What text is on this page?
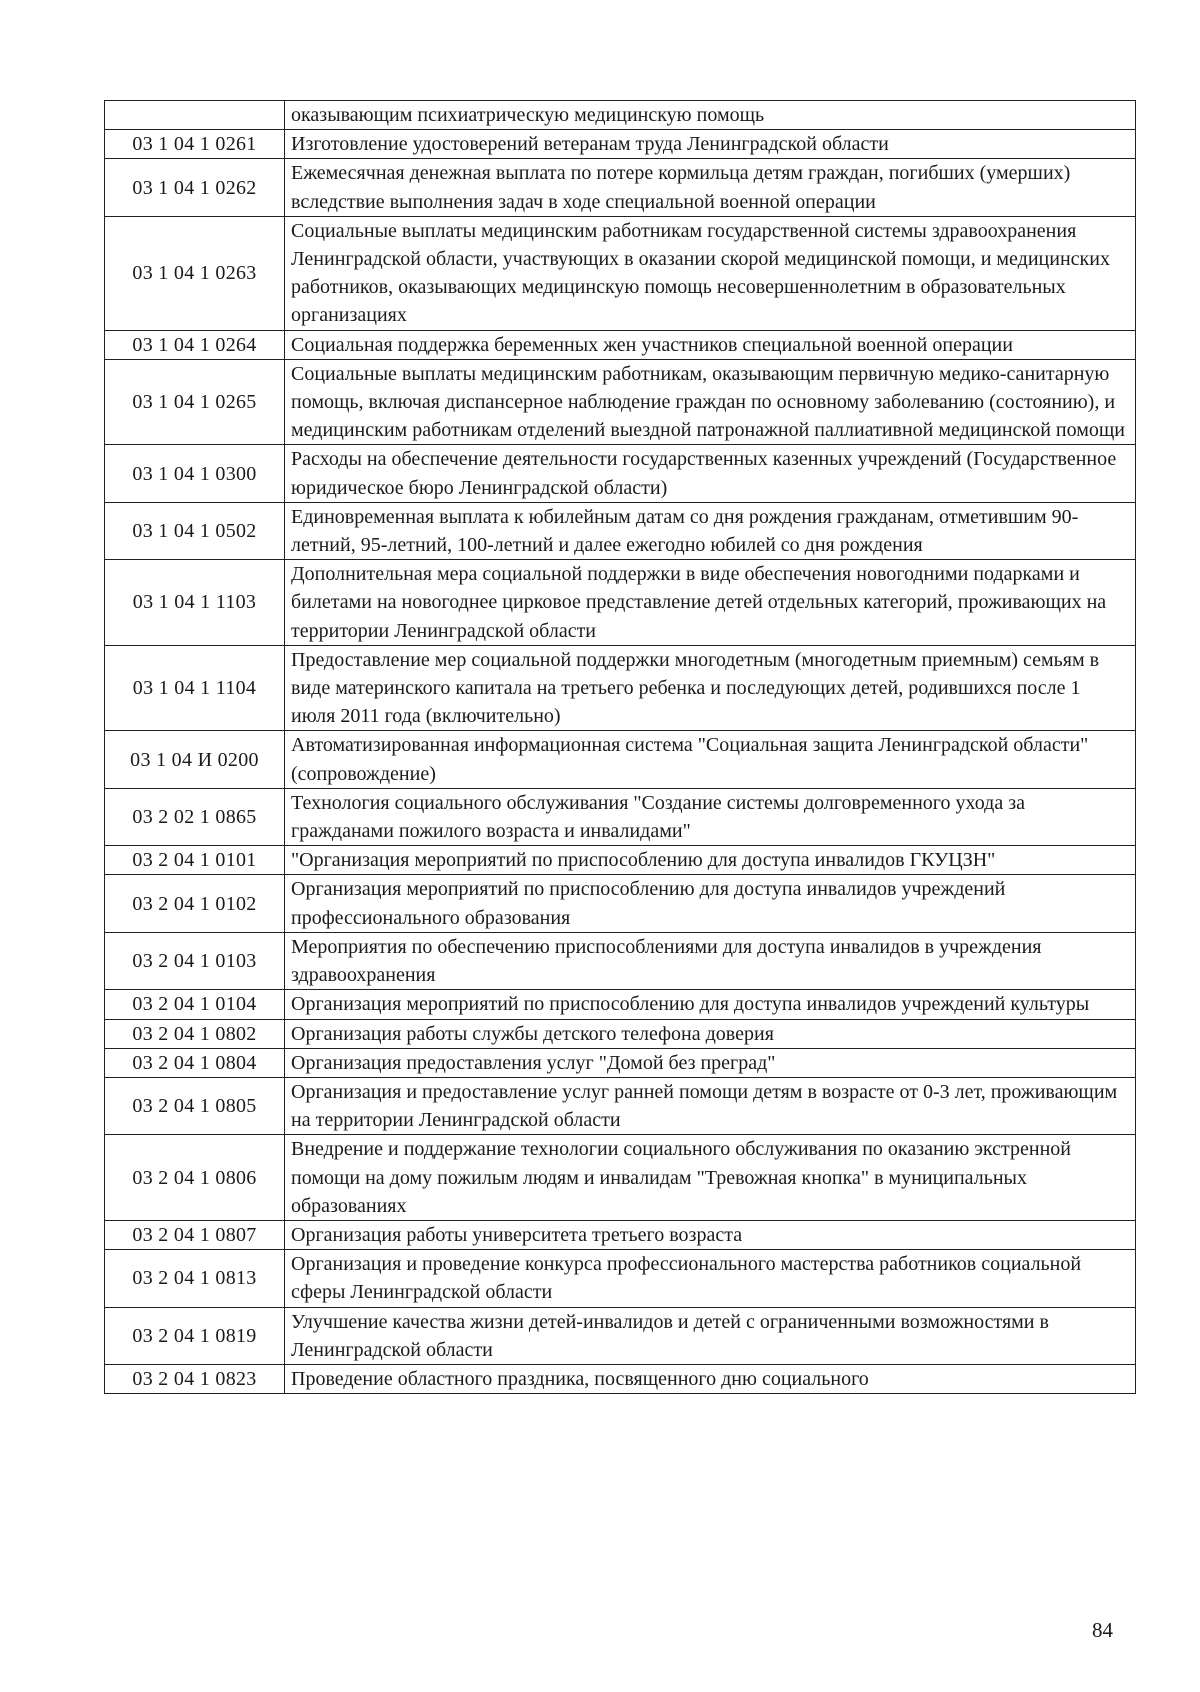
	оказывающим психиатрическую медицинскую помощь
03 1 04 1 0261	Изготовление удостоверений ветеранам труда Ленинградской области
03 1 04 1 0262	Ежемесячная денежная выплата по потере кормильца детям граждан, погибших (умерших) вследствие выполнения задач в ходе специальной военной операции
03 1 04 1 0263	Социальные выплаты медицинским работникам государственной системы здравоохранения Ленинградской области, участвующих в оказании скорой медицинской помощи, и медицинских работников, оказывающих медицинскую помощь несовершеннолетним в образовательных организациях
03 1 04 1 0264	Социальная поддержка беременных жен участников специальной военной операции
03 1 04 1 0265	Социальные выплаты медицинским работникам, оказывающим первичную медико-санитарную помощь, включая диспансерное наблюдение граждан по основному заболеванию (состоянию), и медицинским работникам отделений выездной патронажной паллиативной медицинской помощи
03 1 04 1 0300	Расходы на обеспечение деятельности государственных казенных учреждений (Государственное юридическое бюро Ленинградской области)
03 1 04 1 0502	Единовременная выплата к юбилейным датам со дня рождения гражданам, отметившим 90-летний, 95-летний, 100-летний и далее ежегодно юбилей со дня рождения
03 1 04 1 1103	Дополнительная мера социальной поддержки в виде обеспечения новогодними подарками и билетами на новогоднее цирковое представление детей отдельных категорий, проживающих на территории Ленинградской области
03 1 04 1 1104	Предоставление мер социальной поддержки многодетным (многодетным приемным) семьям в виде материнского капитала на третьего ребенка и последующих детей, родившихся после 1 июля 2011 года (включительно)
03 1 04 И 0200	Автоматизированная информационная система "Социальная защита Ленинградской области" (сопровождение)
03 2 02 1 0865	Технология социального обслуживания "Создание системы долговременного ухода за гражданами пожилого возраста и инвалидами"
03 2 04 1 0101	"Организация мероприятий по приспособлению для доступа инвалидов ГКУЦЗН"
03 2 04 1 0102	Организация мероприятий по приспособлению для доступа инвалидов учреждений профессионального образования
03 2 04 1 0103	Мероприятия по обеспечению приспособлениями для доступа инвалидов в учреждения здравоохранения
03 2 04 1 0104	Организация мероприятий по приспособлению для доступа инвалидов учреждений культуры
03 2 04 1 0802	Организация работы службы детского телефона доверия
03 2 04 1 0804	Организация предоставления услуг "Домой без преград"
03 2 04 1 0805	Организация и предоставление услуг ранней помощи детям в возрасте от 0-3 лет, проживающим на территории Ленинградской области
03 2 04 1 0806	Внедрение и поддержание технологии социального обслуживания по оказанию экстренной помощи на дому пожилым людям и инвалидам "Тревожная кнопка" в муниципальных образованиях
03 2 04 1 0807	Организация работы университета третьего возраста
03 2 04 1 0813	Организация и проведение конкурса профессионального мастерства работников социальной сферы Ленинградской области
03 2 04 1 0819	Улучшение качества жизни детей-инвалидов и детей с ограниченными возможностями в Ленинградской области
03 2 04 1 0823	Проведение областного праздника, посвященного дню социального
84
